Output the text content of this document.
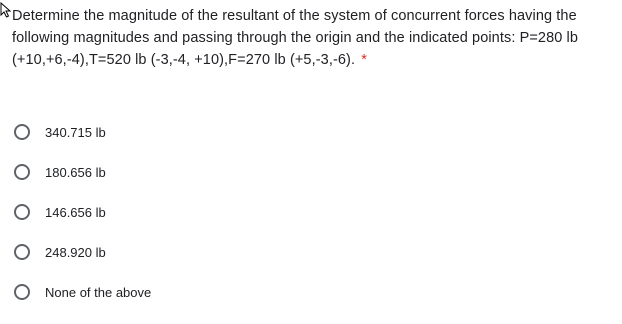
Determine the magnitude of the resultant of the system of concurrent forces having the following magnitudes and passing through the origin and the indicated points: P=280 lb (+10,+6,-4),T=520 lb (-3,-4, +10),F=270 lb (+5,-3,-6). *
340.715 lb
180.656 lb
146.656 lb
248.920 lb
None of the above
